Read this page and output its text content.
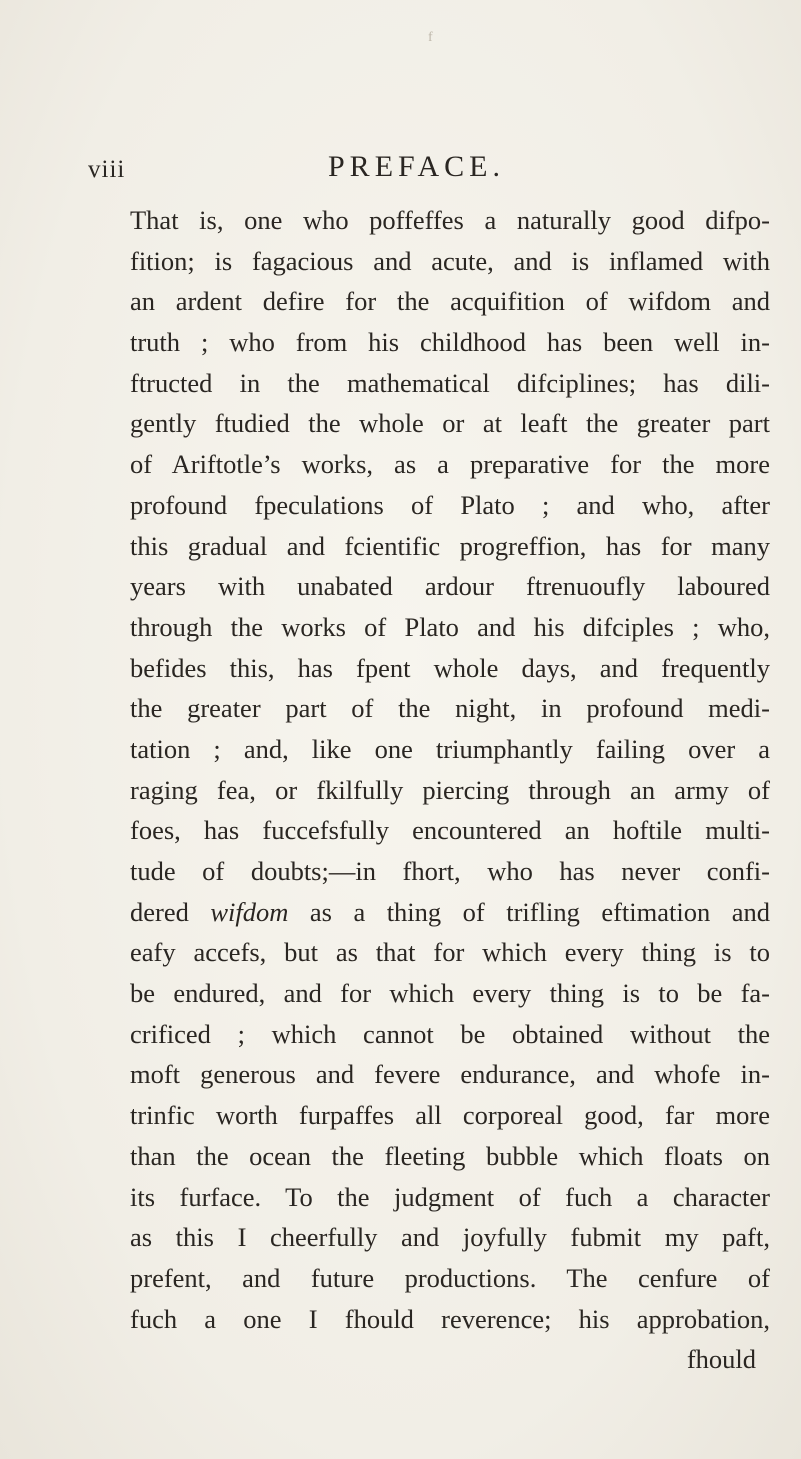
f
viii	PREFACE.
That is, one who poffeffes a naturally good difpo-
fition; is fagacious and acute, and is inflamed with
an ardent defire for the acquifition of wifdom and
truth ; who from his childhood has been well in-
ftructed in the mathematical difciplines; has dili-
gently ftudied the whole or at leaft the greater part
of Ariftotle’s works, as a preparative for the more
profound fpeculations of Plato ; and who, after
this gradual and fcientific progreffion, has for many
years with unabated ardour ftrenuoufly laboured
through the works of Plato and his difciples ; who,
befides this, has fpent whole days, and frequently
the greater part of the night, in profound medi-
tation ; and, like one triumphantly failing over a
raging fea, or fkilfully piercing through an army of
foes, has fuccefsfully encountered an hoftile multi-
tude of doubts;—in fhort, who has never confi-
dered wifdom as a thing of trifling eftimation and
eafy accefs, but as that for which every thing is to
be endured, and for which every thing is to be fa-
crificed ; which cannot be obtained without the
moft generous and fevere endurance, and whofe in-
trinfic worth furpaffes all corporeal good, far more
than the ocean the fleeting bubble which floats on
its furface. To the judgment of fuch a character
as this I cheerfully and joyfully fubmit my paft,
prefent, and future productions. The cenfure of
fuch a one I fhould reverence; his approbation,
fhould
